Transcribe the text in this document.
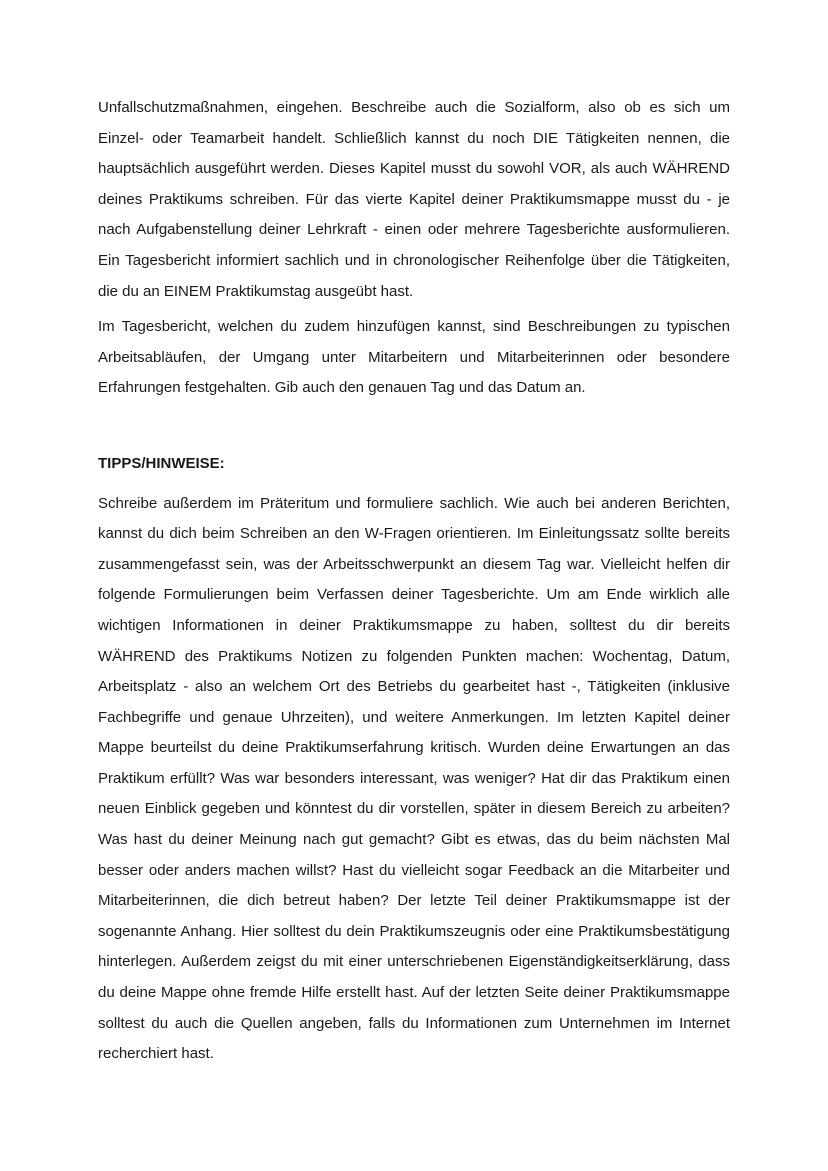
Unfallschutzmaßnahmen, eingehen. Beschreibe auch die Sozialform, also ob es sich um Einzel- oder Teamarbeit handelt. Schließlich kannst du noch DIE Tätigkeiten nennen, die hauptsächlich ausgeführt werden. Dieses Kapitel musst du sowohl VOR, als auch WÄHREND deines Praktikums schreiben. Für das vierte Kapitel deiner Praktikumsmappe musst du - je nach Aufgabenstellung deiner Lehrkraft - einen oder mehrere Tagesberichte ausformulieren. Ein Tagesbericht informiert sachlich und in chronologischer Reihenfolge über die Tätigkeiten, die du an EINEM Praktikumstag ausgeübt hast.

Im Tagesbericht, welchen du zudem hinzufügen kannst, sind Beschreibungen zu typischen Arbeitsabläufen, der Umgang unter Mitarbeitern und Mitarbeiterinnen oder besondere Erfahrungen festgehalten. Gib auch den genauen Tag und das Datum an.

TIPPS/HINWEISE:

Schreibe außerdem im Präteritum und formuliere sachlich. Wie auch bei anderen Berichten, kannst du dich beim Schreiben an den W-Fragen orientieren. Im Einleitungssatz sollte bereits zusammengefasst sein, was der Arbeitsschwerpunkt an diesem Tag war. Vielleicht helfen dir folgende Formulierungen beim Verfassen deiner Tagesberichte. Um am Ende wirklich alle wichtigen Informationen in deiner Praktikumsmappe zu haben, solltest du dir bereits WÄHREND des Praktikums Notizen zu folgenden Punkten machen: Wochentag, Datum, Arbeitsplatz - also an welchem Ort des Betriebs du gearbeitet hast -, Tätigkeiten (inklusive Fachbegriffe und genaue Uhrzeiten), und weitere Anmerkungen. Im letzten Kapitel deiner Mappe beurteilst du deine Praktikumserfahrung kritisch. Wurden deine Erwartungen an das Praktikum erfüllt? Was war besonders interessant, was weniger? Hat dir das Praktikum einen neuen Einblick gegeben und könntest du dir vorstellen, später in diesem Bereich zu arbeiten? Was hast du deiner Meinung nach gut gemacht? Gibt es etwas, das du beim nächsten Mal besser oder anders machen willst? Hast du vielleicht sogar Feedback an die Mitarbeiter und Mitarbeiterinnen, die dich betreut haben? Der letzte Teil deiner Praktikumsmappe ist der sogenannte Anhang. Hier solltest du dein Praktikumszeugnis oder eine Praktikumsbestätigung hinterlegen. Außerdem zeigst du mit einer unterschriebenen Eigenständigkeitserklärung, dass du deine Mappe ohne fremde Hilfe erstellt hast. Auf der letzten Seite deiner Praktikumsmappe solltest du auch die Quellen angeben, falls du Informationen zum Unternehmen im Internet recherchiert hast.
